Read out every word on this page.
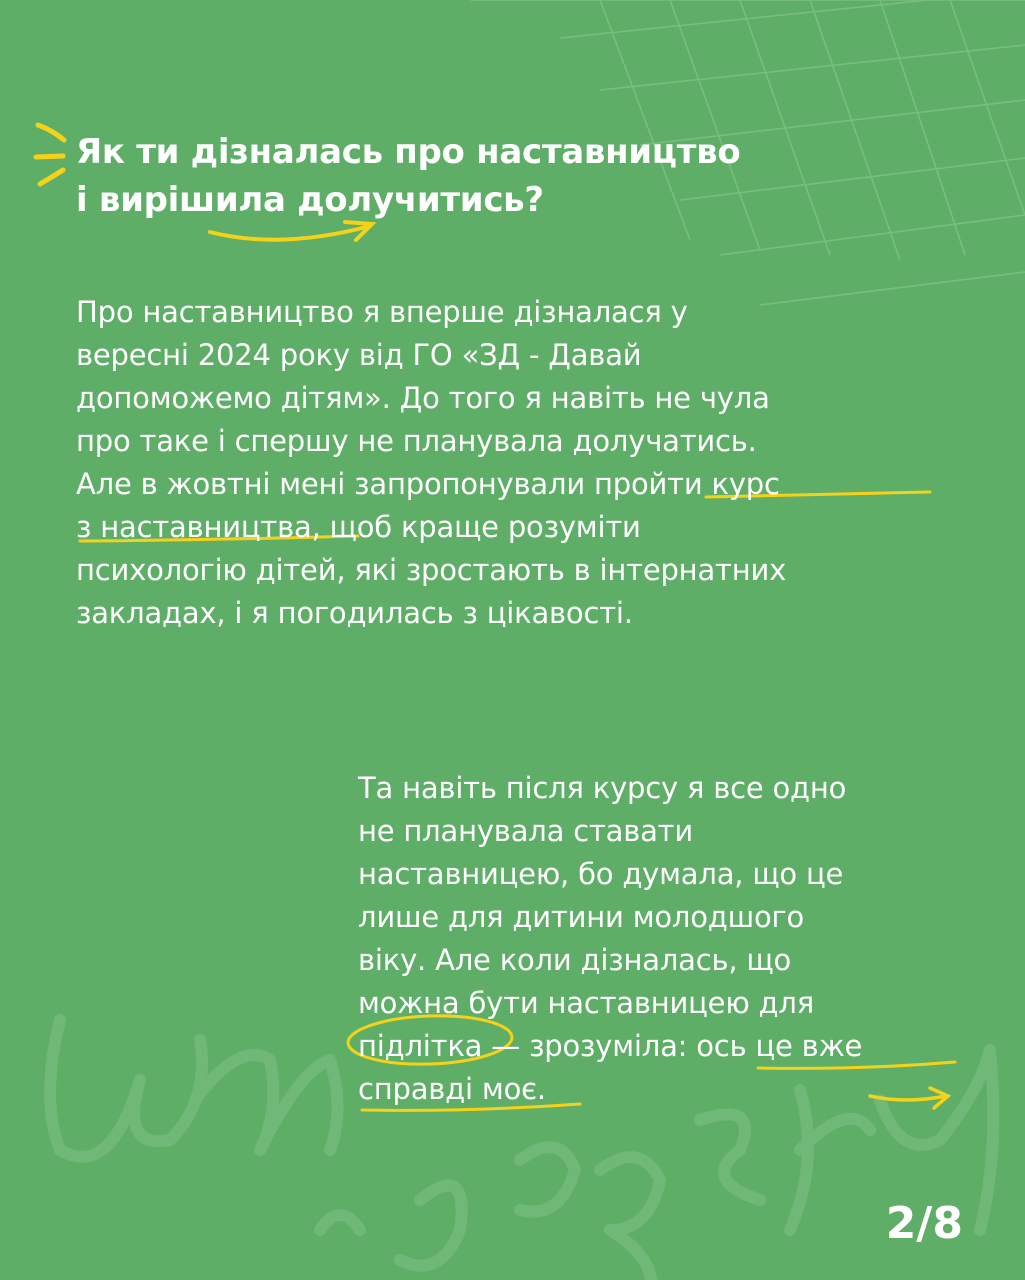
Як ти дізналась про наставництво
і вирішила долучитись?

Про наставництво я вперше дізналася у
вересні 2024 року від ГО «ЗД - Давай
допоможемо дітям». До того я навіть не чула
про таке і спершу не планувала долучатись.
Але в жовтні мені запропонували пройти курс
з наставництва, щоб краще розуміти
психологію дітей, які зростають в інтернатних
закладах, і я погодилась з цікавості.

Та навіть після курсу я все одно
не планувала ставати
наставницею, бо думала, що це
лише для дитини молодшого
віку. Але коли дізналась, що
можна бути наставницею для
підлітка — зрозуміла: ось це вже
справді моє.

2/8
